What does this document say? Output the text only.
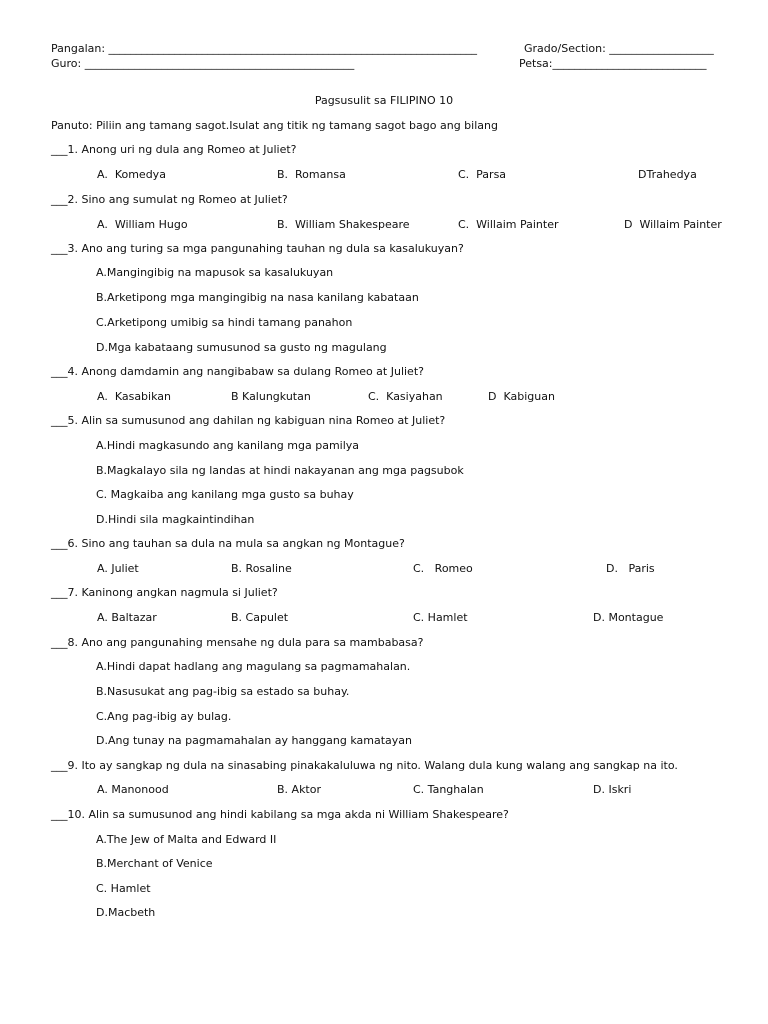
Pangalan: ___________________________________________________________________	Grado/Section: ___________________
Guro: _________________________________________________	Petsa:____________________________
Pagsusulit sa FILIPINO 10
Panuto: Piliin ang tamang sagot.Isulat ang titik ng tamang sagot bago ang bilang
___1. Anong uri ng dula ang Romeo at Juliet?
A.  Komedya	B.  Romansa	C.  Parsa	DTrahedya
___2. Sino ang sumulat ng Romeo at Juliet?
A.  William Hugo	B.  William Shakespeare	C.  Willaim Painter	D  Willaim Painter
___3. Ano ang turing sa mga pangunahing tauhan ng dula sa kasalukuyan?
A.Mangingibig na mapusok sa kasalukuyan
B.Arketipong mga mangingibig na nasa kanilang kabataan
C.Arketipong umibig sa hindi tamang panahon
D.Mga kabataang sumusunod sa gusto ng magulang
___4. Anong damdamin ang nangibabaw sa dulang Romeo at Juliet?
A.  Kasabikan	B Kalungkutan	C.  Kasiyahan	D  Kabiguan
___5. Alin sa sumusunod ang dahilan ng kabiguan nina Romeo at Juliet?
A.Hindi magkasundo ang kanilang mga pamilya
B.Magkalayo sila ng landas at hindi nakayanan ang mga pagsubok
C. Magkaiba ang kanilang mga gusto sa buhay
D.Hindi sila magkaintindihan
___6. Sino ang tauhan sa dula na mula sa angkan ng Montague?
A. Juliet	B. Rosaline	C.   Romeo	D.   Paris
___7. Kaninong angkan nagmula si Juliet?
A. Baltazar	B. Capulet	C. Hamlet	D. Montague
___8. Ano ang pangunahing mensahe ng dula para sa mambabasa?
A.Hindi dapat hadlang ang magulang sa pagmamahalan.
B.Nasusukat ang pag-ibig sa estado sa buhay.
C.Ang pag-ibig ay bulag.
D.Ang tunay na pagmamahalan ay hanggang kamatayan
___9. Ito ay sangkap ng dula na sinasabing pinakakaluluwa ng nito. Walang dula kung walang ang sangkap na ito.
A. Manonood	B. Aktor	C. Tanghalan	D. Iskri
___10. Alin sa sumusunod ang hindi kabilang sa mga akda ni William Shakespeare?
A.The Jew of Malta and Edward II
B.Merchant of Venice
C. Hamlet
D.Macbeth
